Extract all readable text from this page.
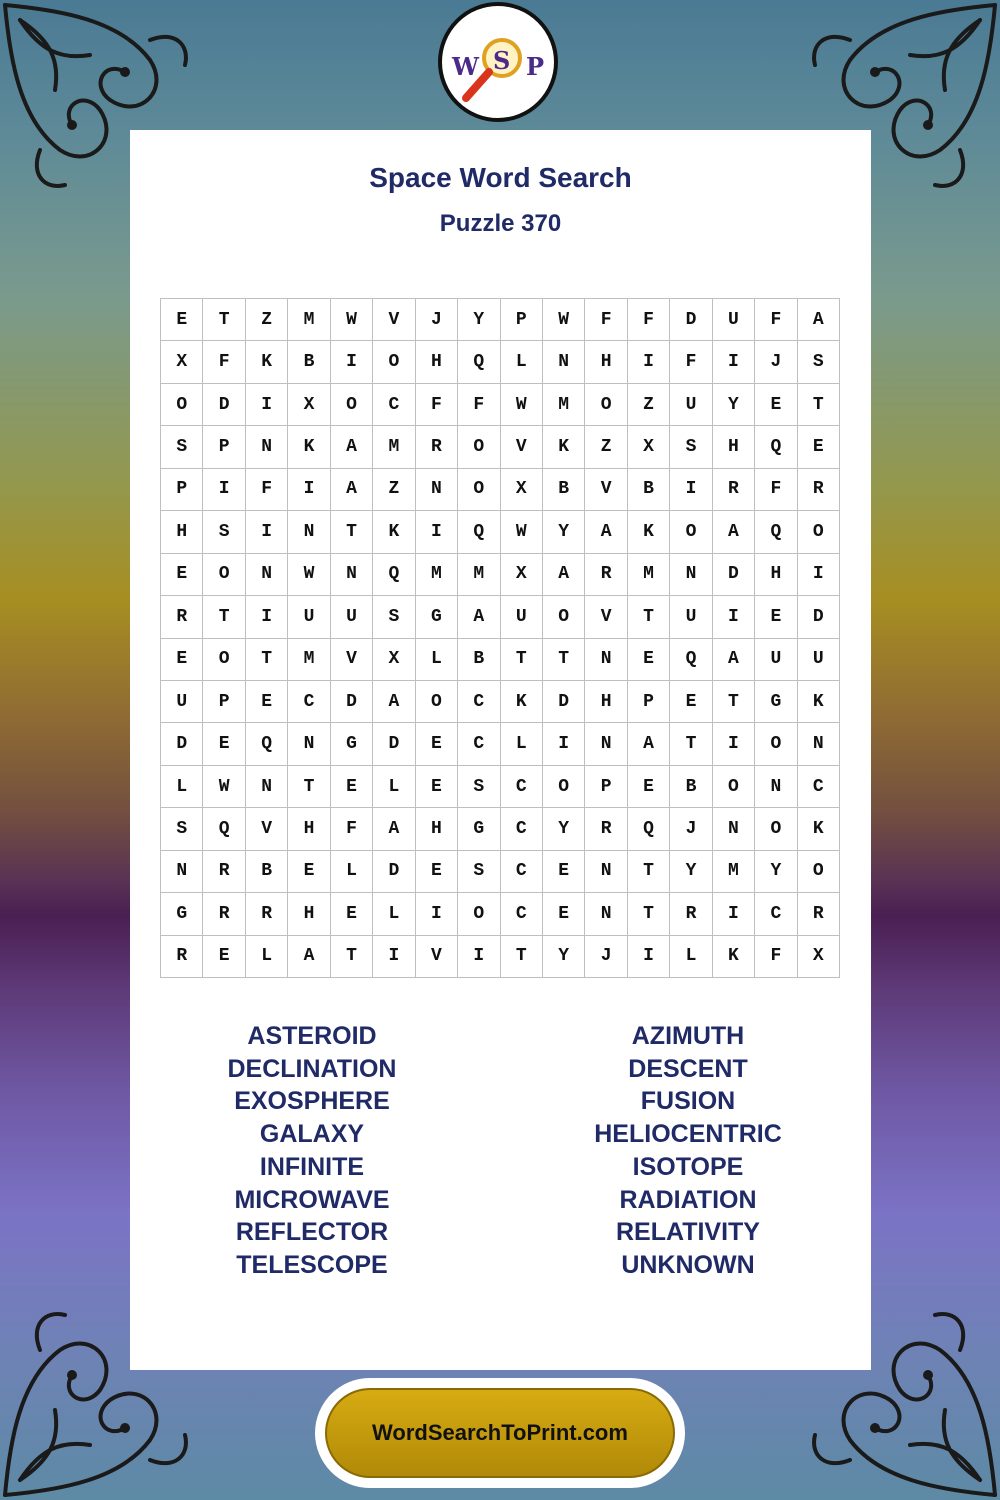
W S P
Space Word Search
Puzzle 370
E	T	Z	M	W	V	J	Y	P	W	F	F	D	U	F	A
X	F	K	B	I	O	H	Q	L	N	H	I	F	I	J	S
O	D	I	X	O	C	F	F	W	M	O	Z	U	Y	E	T
S	P	N	K	A	M	R	O	V	K	Z	X	S	H	Q	E
P	I	F	I	A	Z	N	O	X	B	V	B	I	R	F	R
H	S	I	N	T	K	I	Q	W	Y	A	K	O	A	Q	O
E	O	N	W	N	Q	M	M	X	A	R	M	N	D	H	I
R	T	I	U	U	S	G	A	U	O	V	T	U	I	E	D
E	O	T	M	V	X	L	B	T	T	N	E	Q	A	U	U
U	P	E	C	D	A	O	C	K	D	H	P	E	T	G	K
D	E	Q	N	G	D	E	C	L	I	N	A	T	I	O	N
L	W	N	T	E	L	E	S	C	O	P	E	B	O	N	C
S	Q	V	H	F	A	H	G	C	Y	R	Q	J	N	O	K
N	R	B	E	L	D	E	S	C	E	N	T	Y	M	Y	O
G	R	R	H	E	L	I	O	C	E	N	T	R	I	C	R
R	E	L	A	T	I	V	I	T	Y	J	I	L	K	F	X
ASTEROID
DECLINATION
EXOSPHERE
GALAXY
INFINITE
MICROWAVE
REFLECTOR
TELESCOPE
AZIMUTH
DESCENT
FUSION
HELIOCENTRIC
ISOTOPE
RADIATION
RELATIVITY
UNKNOWN
WordSearchToPrint.com
